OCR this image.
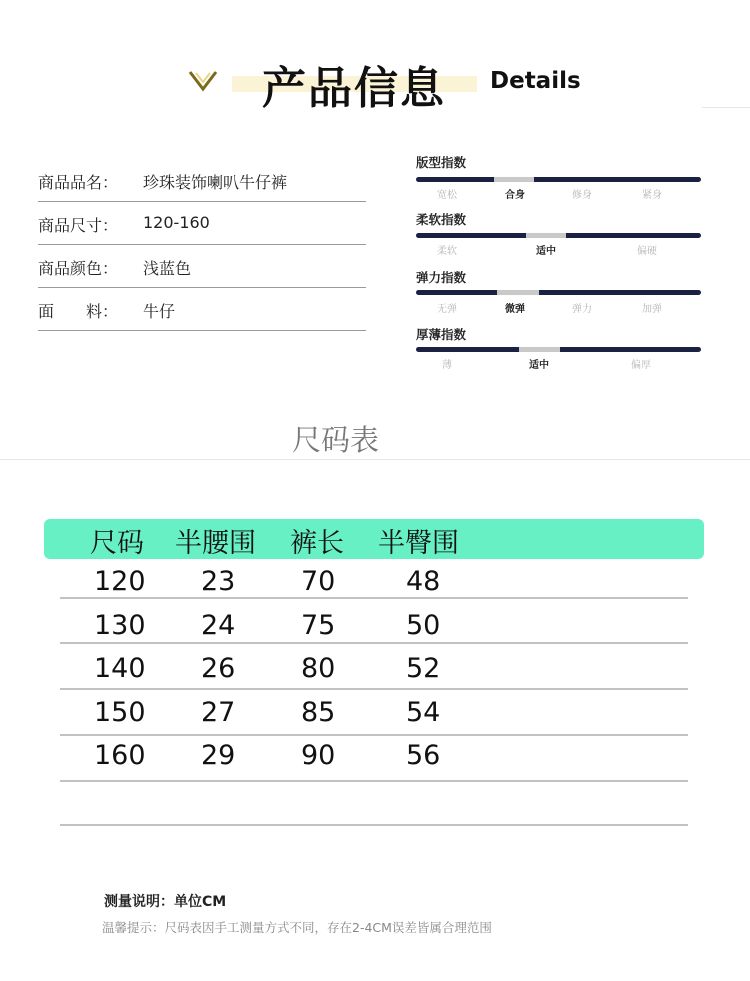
产品信息 Details
商品品名： 珍珠装饰喇叭牛仔裤
商品尺寸： 120-160
商品颜色： 浅蓝色
面　　料： 牛仔
版型指数
宽松	合身	修身	紧身
柔软指数
柔软	适中	偏硬
弹力指数
无弹	微弹	弹力	加弹
厚薄指数
薄	适中	偏厚
尺码表
尺码 半腰围 裤长 半臀围
120 23 70	48
130 24 75	50
140 26 80	52
150 27 85	54
160 29 90	56
测量说明：单位CM
温馨提示：尺码表因手工测量方式不同，存在2-4CM误差皆属合理范围
